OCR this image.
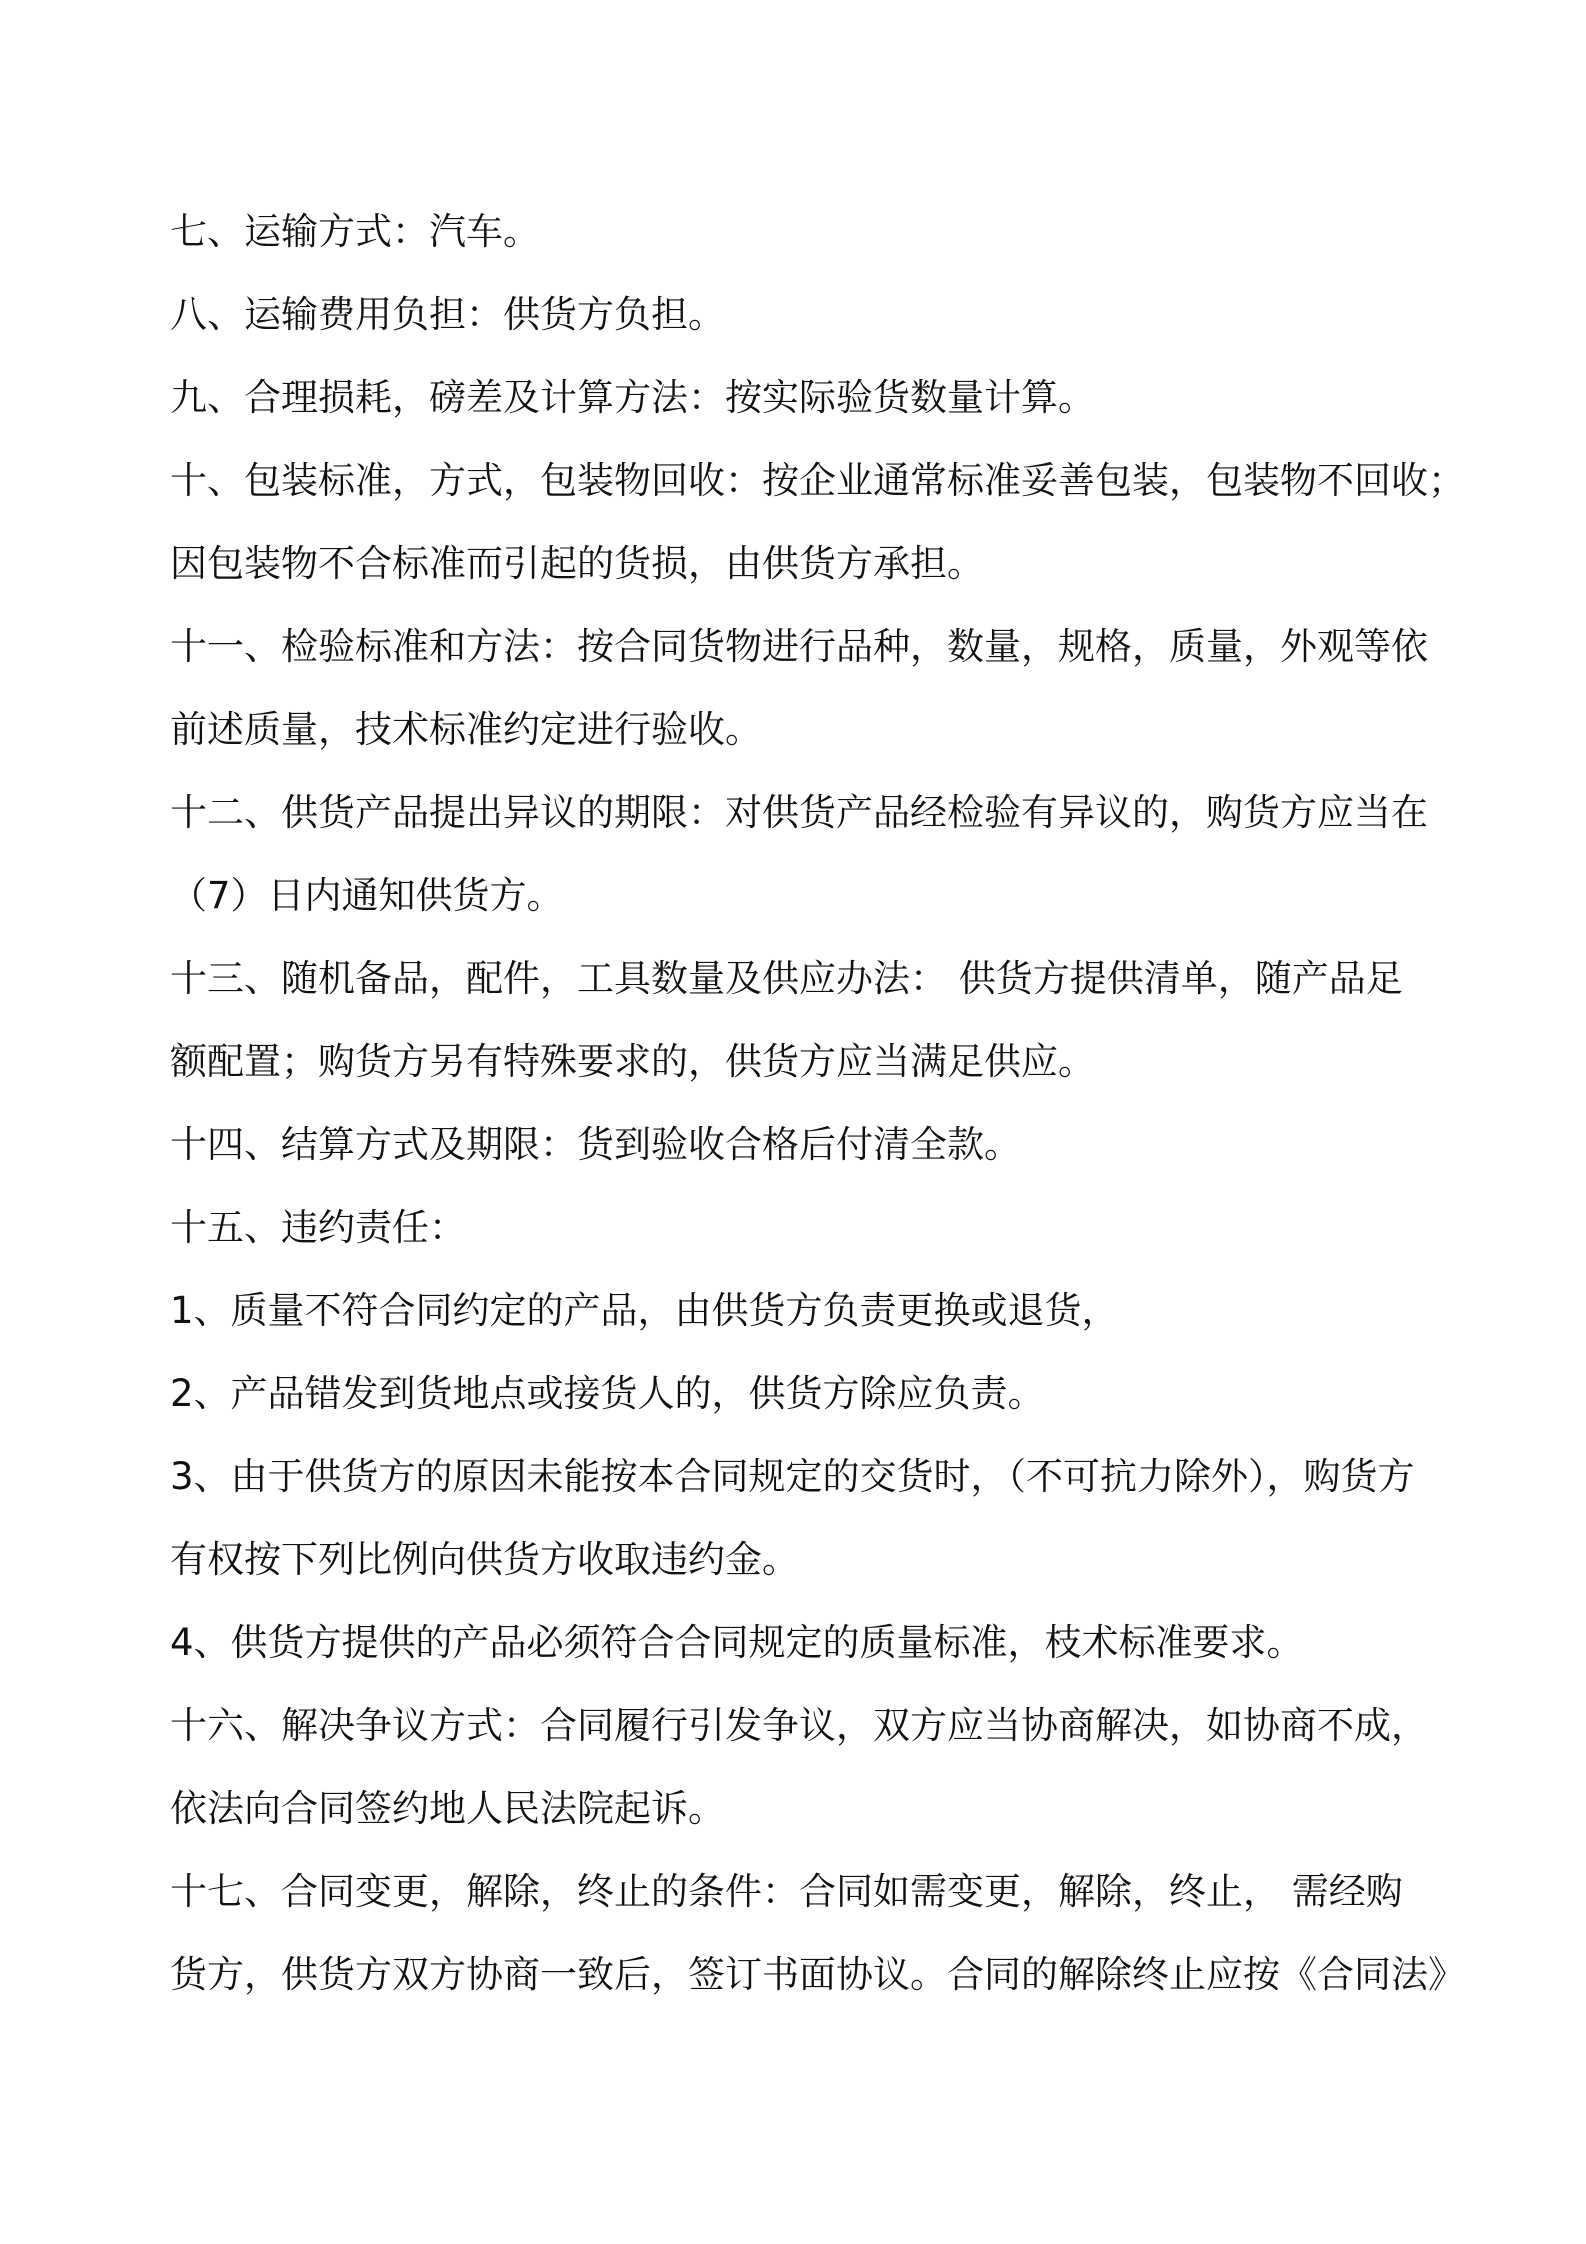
七、运输方式：汽车。
八、运输费用负担：供货方负担。
九、合理损耗，磅差及计算方法：按实际验货数量计算。
十、包装标准，方式，包装物回收：按企业通常标准妥善包装，包装物不回收；
因包装物不合标准而引起的货损，由供货方承担。
十一、检验标准和方法：按合同货物进行品种，数量，规格，质量，外观等依
前述质量，技术标准约定进行验收。
十二、供货产品提出异议的期限：对供货产品经检验有异议的，购货方应当在
（7）日内通知供货方。
十三、随机备品，配件，工具数量及供应办法： 供货方提供清单，随产品足
额配置；购货方另有特殊要求的，供货方应当满足供应。
十四、结算方式及期限：货到验收合格后付清全款。
十五、违约责任：
1、质量不符合同约定的产品，由供货方负责更换或退货，
2、产品错发到货地点或接货人的，供货方除应负责。
3、由于供货方的原因未能按本合同规定的交货时，（不可抗力除外），购货方
有权按下列比例向供货方收取违约金。
4、供货方提供的产品必须符合合同规定的质量标准，枝术标准要求。
十六、解决争议方式：合同履行引发争议，双方应当协商解决，如协商不成，
依法向合同签约地人民法院起诉。
十七、合同变更，解除，终止的条件：合同如需变更，解除，终止， 需经购
货方，供货方双方协商一致后，签订书面协议。合同的解除终止应按《合同法》
